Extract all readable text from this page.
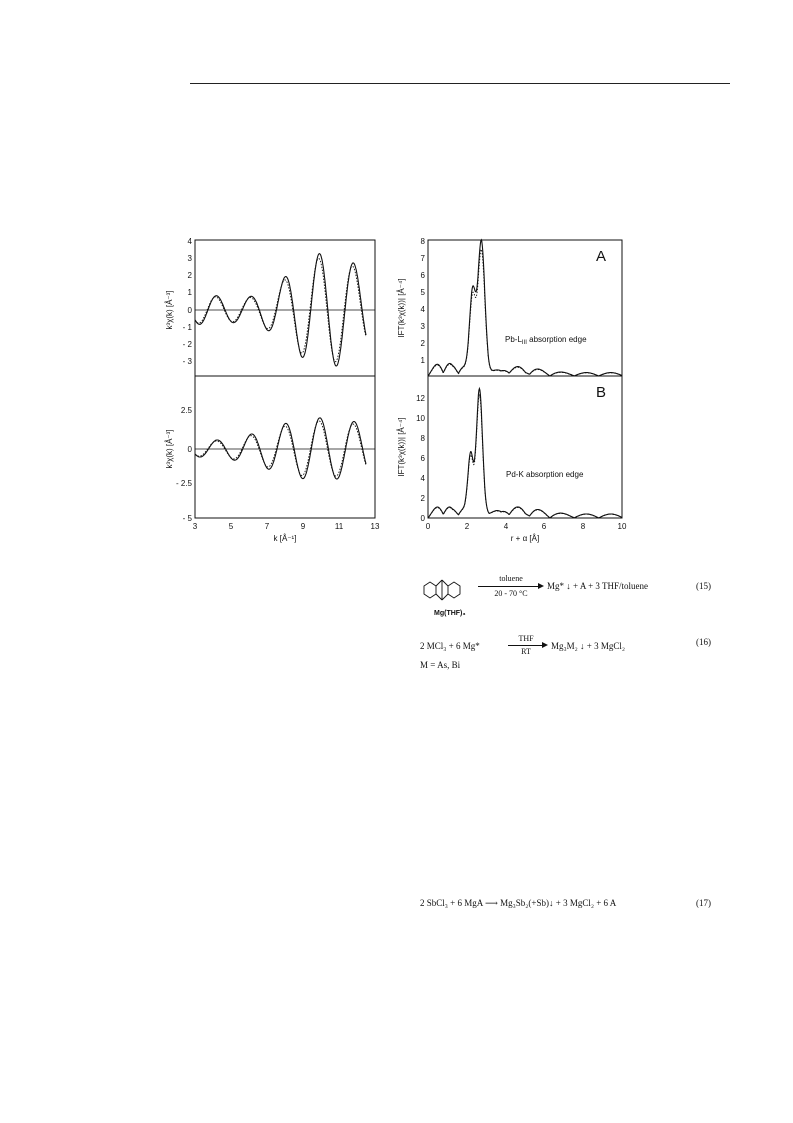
4
3
2
1
0
- 1
- 2
- 3
2.5
0
- 2.5
- 5
3	5	7	9	11	13
k [Å⁻¹]
k³χ(k) [Å⁻³]
k³χ(k) [Å⁻³]
8
7
6
5
4
3
2
1
12
10
8
6
4
2
0
0	2	4	6	8	10
r + α [Å]
IFT(k³χ(k))| [Å⁻⁴]
IFT(k³χ(k))| [Å⁻⁴]
A
B
$Pb-L_{III}$ absorption edge
Pd-K absorption edge
Mg(THF)₃
toluene
20 - 70 °C
Mg* ↓ + A + 3 THF/toluene	(15)
2 MCl₃ + 6 Mg*
THF
RT
Mg₃M₂ ↓ + 3 MgCl₂	(16)
M = As, Bi
2 SbCl₃ + 6 MgA ⟶ Mg₃Sb₂(+Sb)↓ + 3 MgCl₂ + 6 A	(17)
